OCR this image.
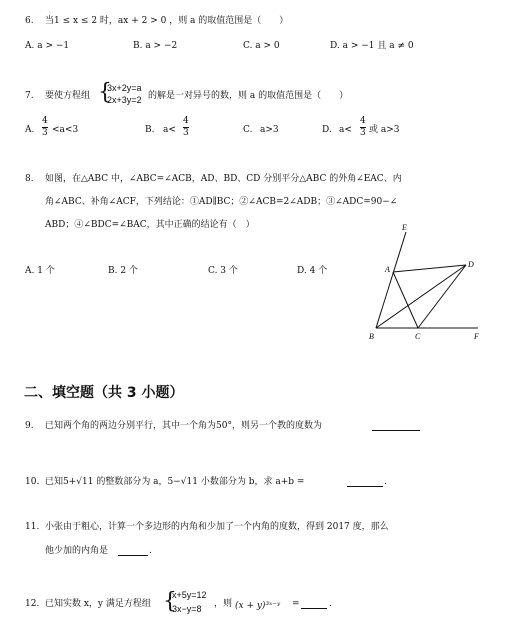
6. 当1 ≤ x ≤ 2 时，ax + 2 > 0 ，则 a 的取值范围是（　　）
A. a > −1	B. a > −2	C. a > 0	D. a > −1 且 a ≠ 0
7. 要使方程组 {
3x+2y=a
2x+3y=2 的解是一对异号的数，则 a 的取值范围是（　　）
A.
4
3 <a<3	B. a<
4
3	C. a>3	D. a<
4
3 或 a>3
8. 如图，在△ABC 中，∠ABC=∠ACB，AD、BD、CD 分别平分△ABC 的外角∠EAC、内
角∠ABC、补角∠ACF，下列结论：①AD∥BC；②∠ACB=2∠ADB；③∠ADC=90−∠
ABD；④∠BDC=∠BAC，其中正确的结论有（　）
A. 1 个	B. 2 个	C. 3 个	D. 4 个
E
A
D
B	C	F
二、填空题（共 3 小题）
9. 已知两个角的两边分别平行，其中一个角为50°，则另一个教的度数为
10. 已知5+√11 的整数部分为 a，5−√11 小数部分为 b，求 a+b =	.
11. 小张由于粗心，计算一个多边形的内角和少加了一个内角的度数，得到 2017 度，那么
他少加的内角是	.
12. 已知实数 x，y 满足方程组 {
x+5y=12
3x−y=8 ，则 (x + y)³ˣ⁻ʸ =	.
